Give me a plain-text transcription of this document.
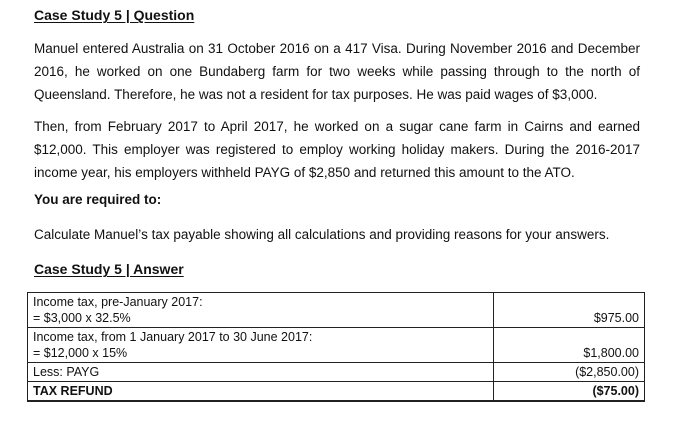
Case Study 5 | Question
Manuel entered Australia on 31 October 2016 on a 417 Visa. During November 2016 and December
2016, he worked on one Bundaberg farm for two weeks while passing through to the north of
Queensland. Therefore, he was not a resident for tax purposes. He was paid wages of $3,000.
Then, from February 2017 to April 2017, he worked on a sugar cane farm in Cairns and earned
$12,000. This employer was registered to employ working holiday makers. During the 2016-2017
income year, his employers withheld PAYG of $2,850 and returned this amount to the ATO.
You are required to:
Calculate Manuel’s tax payable showing all calculations and providing reasons for your answers.
Case Study 5 | Answer
Income tax, pre-January 2017:
= $3,000 x 32.5%	$975.00

Income tax, from 1 January 2017 to 30 June 2017:
= $12,000 x 15%	$1,800.00

Less: PAYG	($2,850.00)

TAX REFUND	($75.00)
